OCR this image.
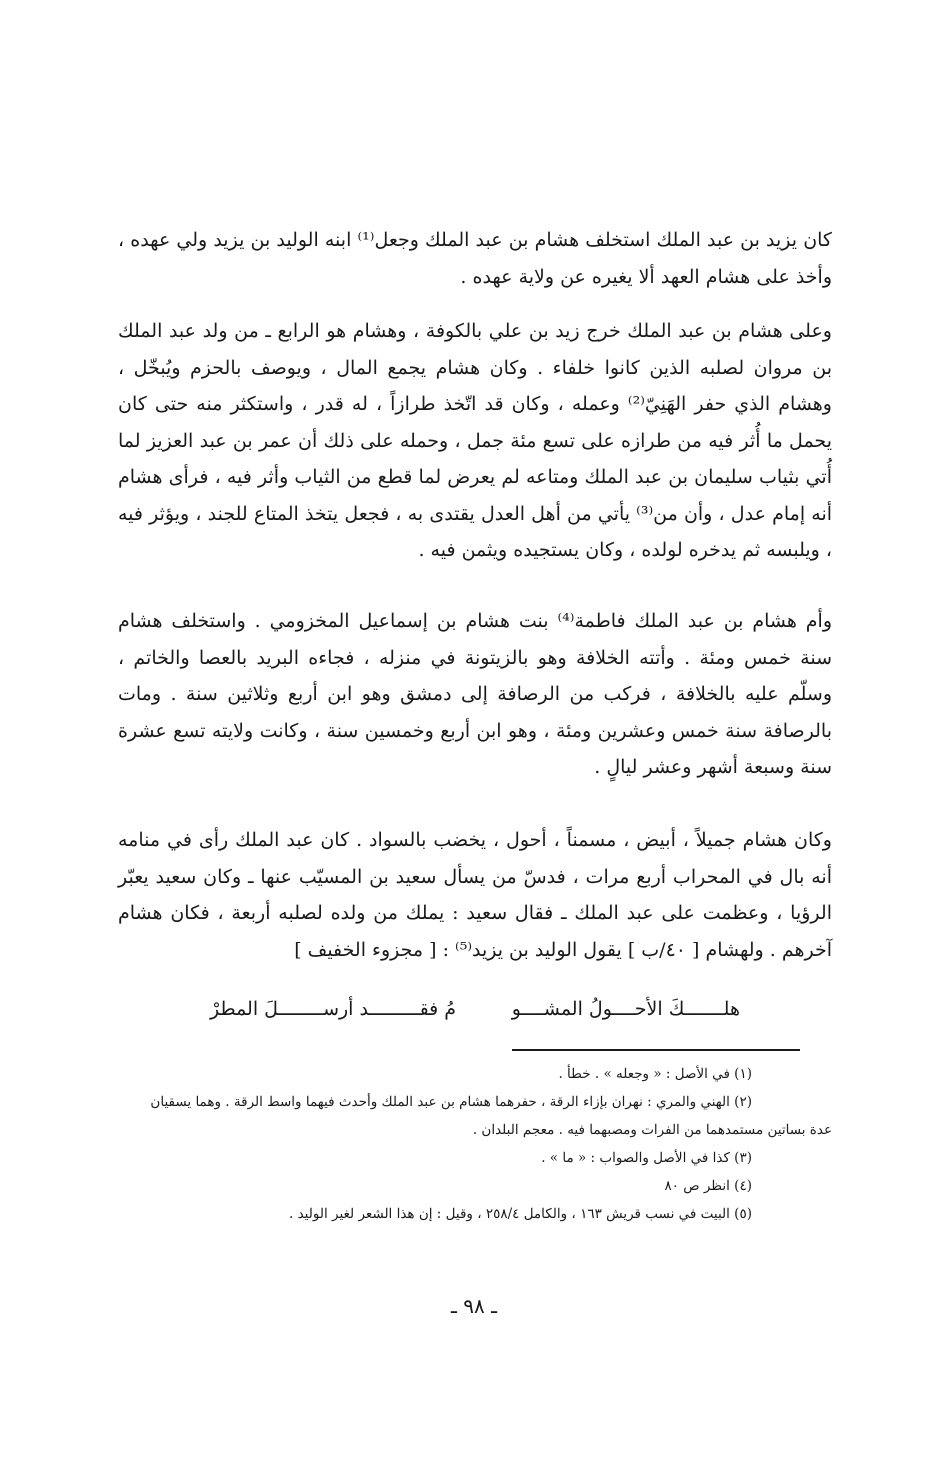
كان يزيد بن عبد الملك استخلف هشام بن عبد الملك وجعل⁽¹⁾ ابنه الوليد بن يزيد ولي عهده ، وأخذ على هشام العهد ألا يغيره عن ولاية عهده .

وعلى هشام بن عبد الملك خرج زيد بن علي بالكوفة ، وهشام هو الرابع ـ من ولد عبد الملك بن مروان لصلبه الذين كانوا خلفاء . وكان هشام يجمع المال ، ويوصف بالحزم ويُبخّل ، وهشام الذي حفر الهَنِيّ⁽²⁾ وعمله ، وكان قد اتّخذ طرازاً ، له قدر ، واستكثر منه حتى كان يحمل ما أُثر فيه من طرازه على تسع مئة جمل ، وحمله على ذلك أن عمر بن عبد العزيز لما أُتي بثياب سليمان بن عبد الملك ومتاعه لم يعرض لما قطع من الثياب وأثر فيه ، فرأى هشام أنه إمام عدل ، وأن من⁽³⁾ يأتي من أهل العدل يقتدى به ، فجعل يتخذ المتاع للجند ، ويؤثر فيه ، ويلبسه ثم يدخره لولده ، وكان يستجيده ويثمن فيه .

وأم هشام بن عبد الملك فاطمة⁽⁴⁾ بنت هشام بن إسماعيل المخزومي . واستخلف هشام سنة خمس ومئة . وأتته الخلافة وهو بالزيتونة في منزله ، فجاءه البريد بالعصا والخاتم ، وسلّم عليه بالخلافة ، فركب من الرصافة إلى دمشق وهو ابن أربع وثلاثين سنة . ومات بالرصافة سنة خمس وعشرين ومئة ، وهو ابن أربع وخمسين سنة ، وكانت ولايته تسع عشرة سنة وسبعة أشهر وعشر ليالٍ .

وكان هشام جميلاً ، أبيض ، مسمناً ، أحول ، يخضب بالسواد . كان عبد الملك رأى في منامه أنه بال في المحراب أربع مرات ، فدسّ من يسأل سعيد بن المسيّب عنها ـ وكان سعيد يعبّر الرؤيا ، وعظمت على عبد الملك ـ فقال سعيد : يملك من ولده لصلبه أربعة ، فكان هشام آخرهم . ولهشام [ ٤٠/ب ] يقول الوليد بن يزيد⁽⁵⁾ : [ مجزوء الخفيف ]

هلـــــــكَ الأحــــولُ المشــــو
مُ فقـــــــــد أرســــــــلَ المطرْ

(١) في الأصل : « وجعله » . خطأ .

(٢) الهني والمري : نهران بإزاء الرقة ، حفرهما هشام بن عبد الملك وأحدث فيهما واسط الرقة . وهما يسقيان

عدة بساتين مستمدهما من الفرات ومصبهما فيه . معجم البلدان .

(٣) كذا في الأصل والصواب : « ما » .

(٤) انظر ص ٨٠

(٥) البيت في نسب قريش ١٦٣ ، والكامل ٢٥٨/٤ ، وقيل : إن هذا الشعر لغير الوليد .

ـ ٩٨ ـ
